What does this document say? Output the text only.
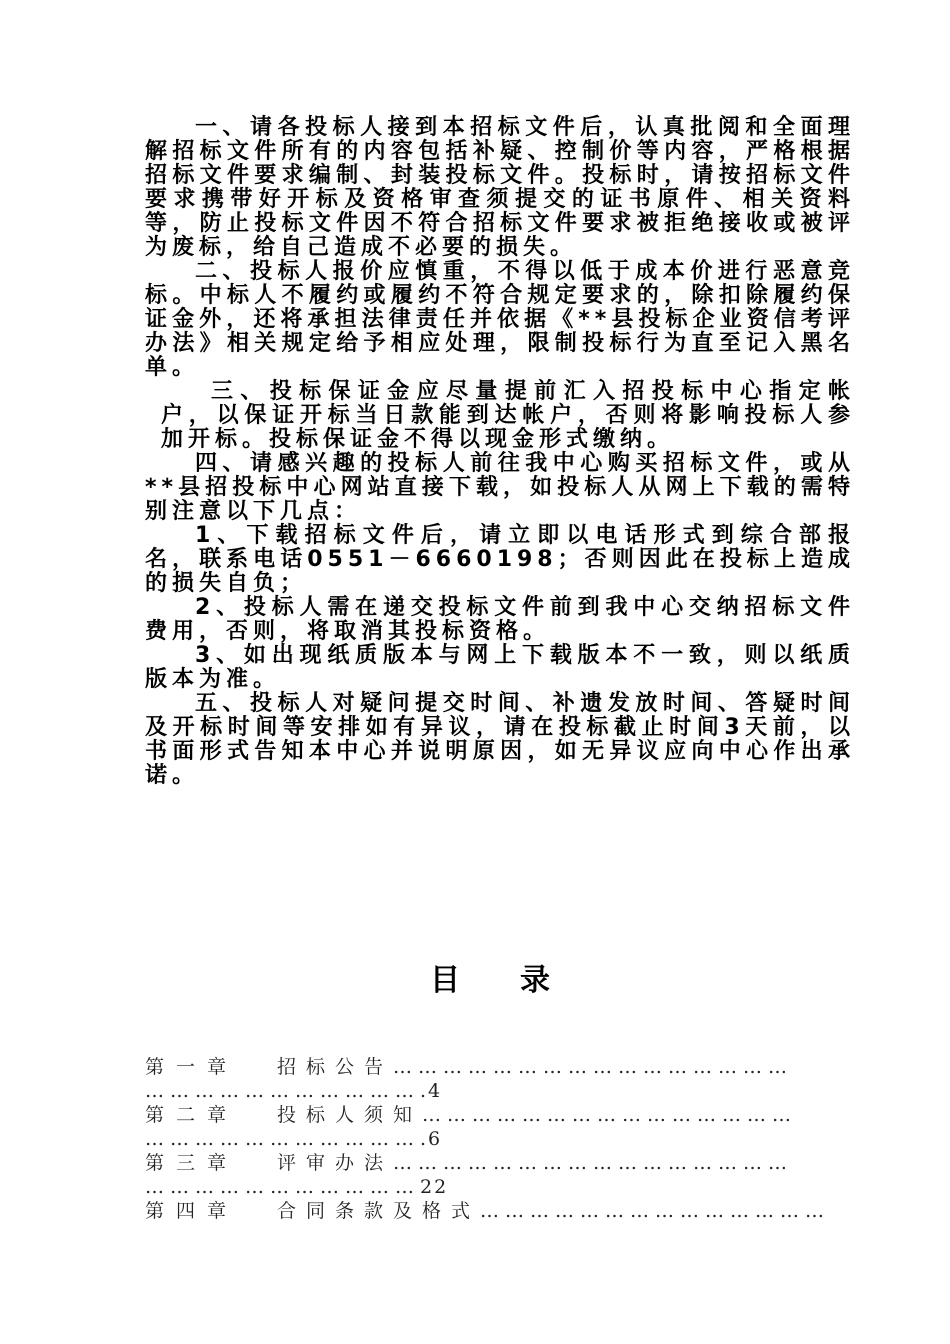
一、请各投标人接到本招标文件后，认真批阅和全面理解招标文件所有的内容包括补疑、控制价等内容，严格根据招标文件要求编制、封装投标文件。投标时，请按招标文件要求携带好开标及资格审查须提交的证书原件、相关资料等，防止投标文件因不符合招标文件要求被拒绝接收或被评为废标，给自己造成不必要的损失。

二、投标人报价应慎重，不得以低于成本价进行恶意竞标。中标人不履约或履约不符合规定要求的，除扣除履约保证金外，还将承担法律责任并依据《**县投标企业资信考评办法》相关规定给予相应处理，限制投标行为直至记入黑名单。

三、投标保证金应尽量提前汇入招投标中心指定帐户，以保证开标当日款能到达帐户，否则将影响投标人参加开标。投标保证金不得以现金形式缴纳。

四、请感兴趣的投标人前往我中心购买招标文件，或从**县招投标中心网站直接下载，如投标人从网上下载的需特别注意以下几点：

1、下载招标文件后，请立即以电话形式到综合部报名，联系电话0551－6660198；否则因此在投标上造成的损失自负；

2、投标人需在递交投标文件前到我中心交纳招标文件费用，否则，将取消其投标资格。

3、如出现纸质版本与网上下载版本不一致，则以纸质版本为准。

五、投标人对疑问提交时间、补遗发放时间、答疑时间及开标时间等安排如有异议，请在投标截止时间3天前，以书面形式告知本中心并说明原因，如无异议应向中心作出承诺。

目录
第一章 招标公告…………………………………………
…………………………….4
第二章 投标人须知………………………………………
…………………………….6
第三章 评审办法…………………………………………
……………………………22
第四章 合同条款及格式……………………………………
